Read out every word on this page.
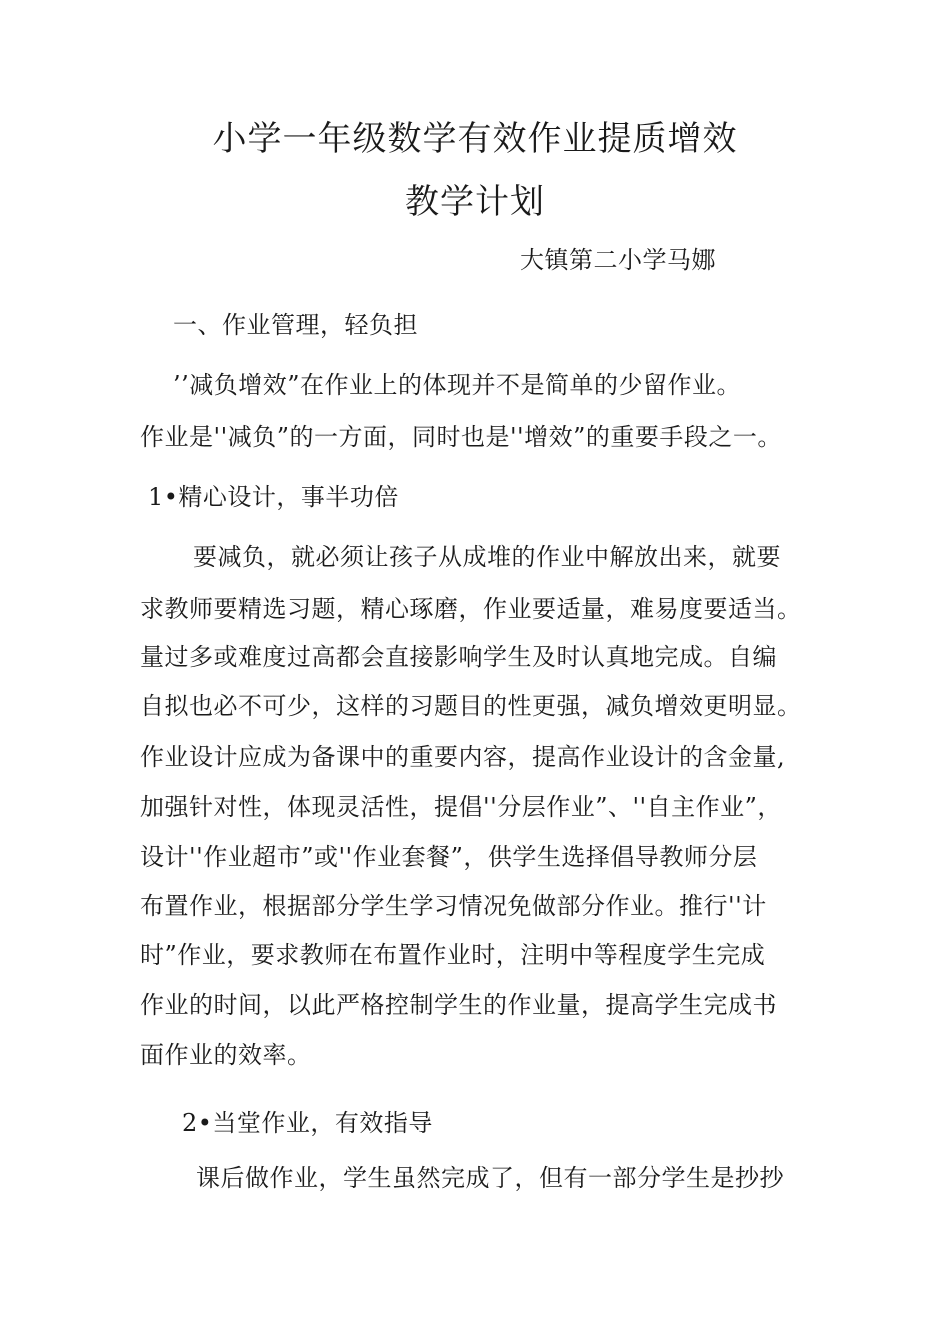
小学一年级数学有效作业提质增效
教学计划
大镇第二小学马娜
一、作业管理，轻负担
’’减负增效”在作业上的体现并不是简单的少留作业。
作业是''减负”的一方面，同时也是''增效”的重要手段之一。
1•精心设计，事半功倍
要减负，就必须让孩子从成堆的作业中解放出来，就要
求教师要精选习题，精心琢磨，作业要适量，难易度要适当。
量过多或难度过高都会直接影响学生及时认真地完成。自编
自拟也必不可少，这样的习题目的性更强，减负增效更明显。
作业设计应成为备课中的重要内容，提高作业设计的含金量,
加强针对性，体现灵活性，提倡''分层作业”、''自主作业”，
设计''作业超市”或''作业套餐”，供学生选择倡导教师分层
布置作业，根据部分学生学习情况免做部分作业。推行''计
时”作业，要求教师在布置作业时，注明中等程度学生完成
作业的时间，以此严格控制学生的作业量，提高学生完成书
面作业的效率。
2•当堂作业，有效指导
课后做作业，学生虽然完成了，但有一部分学生是抄抄
